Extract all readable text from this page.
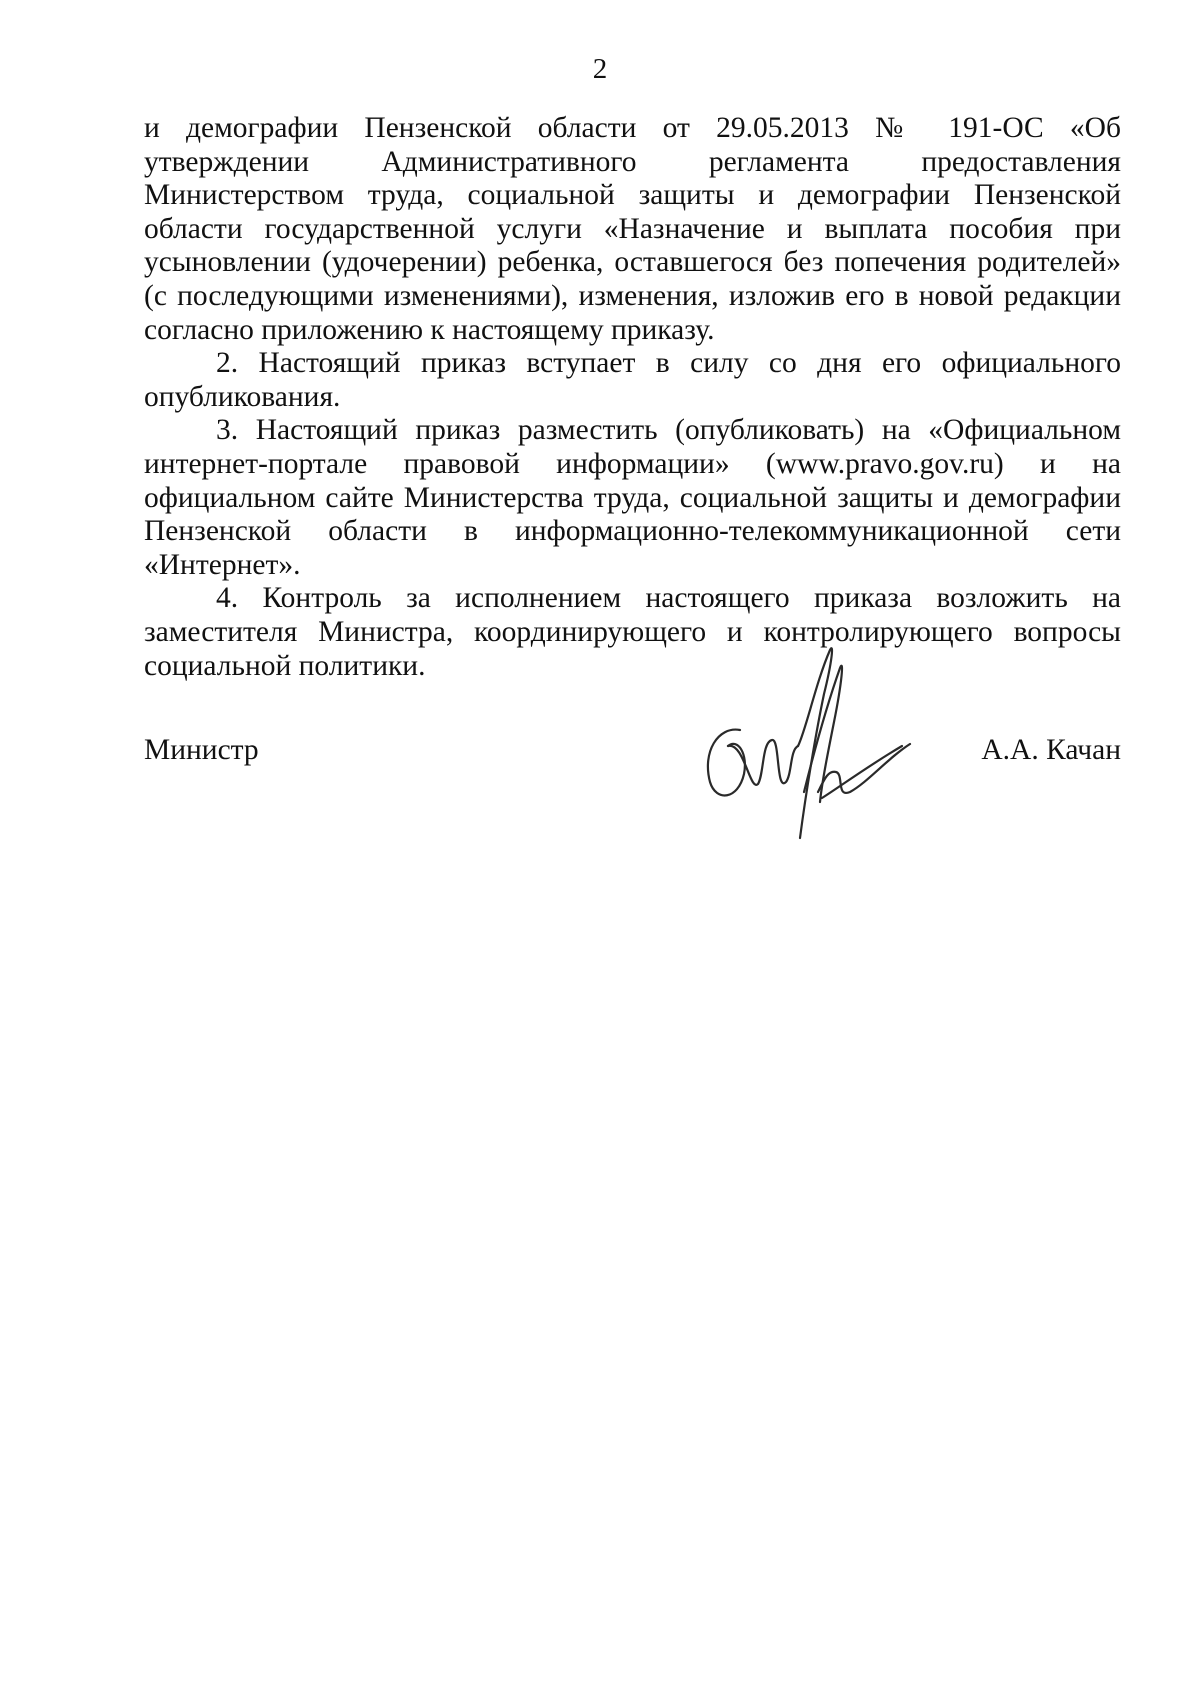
2

и демографии Пензенской области от 29.05.2013 № 191-ОС «Об утверждении Административного регламента предоставления Министерством труда, социальной защиты и демографии Пензенской области государственной услуги «Назначение и выплата пособия при усыновлении (удочерении) ребенка, оставшегося без попечения родителей» (с последующими изменениями), изменения, изложив его в новой редакции согласно приложению к настоящему приказу.

2. Настоящий приказ вступает в силу со дня его официального опубликования.

3. Настоящий приказ разместить (опубликовать) на «Официальном интернет-портале правовой информации» (www.pravo.gov.ru) и на официальном сайте Министерства труда, социальной защиты и демографии Пензенской области в информационно-телекоммуникационной сети «Интернет».

4. Контроль за исполнением настоящего приказа возложить на заместителя Министра, координирующего и контролирующего вопросы социальной политики.

Министр	А.А. Качан
